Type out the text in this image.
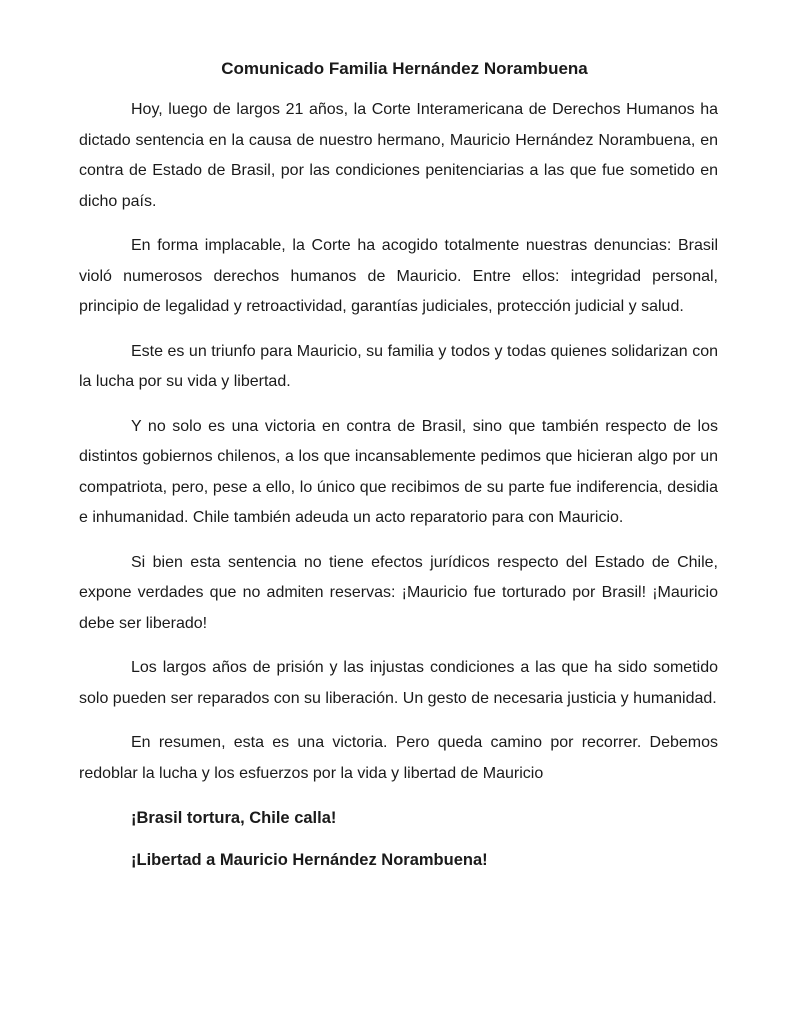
Comunicado Familia Hernández Norambuena

Hoy, luego de largos 21 años, la Corte Interamericana de Derechos Humanos ha dictado sentencia en la causa de nuestro hermano, Mauricio Hernández Norambuena, en contra de Estado de Brasil, por las condiciones penitenciarias a las que fue sometido en dicho país.

En forma implacable, la Corte ha acogido totalmente nuestras denuncias: Brasil violó numerosos derechos humanos de Mauricio. Entre ellos: integridad personal, principio de legalidad y retroactividad, garantías judiciales, protección judicial y salud.

Este es un triunfo para Mauricio, su familia y todos y todas quienes solidarizan con la lucha por su vida y libertad.

Y no solo es una victoria en contra de Brasil, sino que también respecto de los distintos gobiernos chilenos, a los que incansablemente pedimos que hicieran algo por un compatriota, pero, pese a ello, lo único que recibimos de su parte fue indiferencia, desidia e inhumanidad. Chile también adeuda un acto reparatorio para con Mauricio.

Si bien esta sentencia no tiene efectos jurídicos respecto del Estado de Chile, expone verdades que no admiten reservas: ¡Mauricio fue torturado por Brasil! ¡Mauricio debe ser liberado!

Los largos años de prisión y las injustas condiciones a las que ha sido sometido solo pueden ser reparados con su liberación. Un gesto de necesaria justicia y humanidad.

En resumen, esta es una victoria. Pero queda camino por recorrer. Debemos redoblar la lucha y los esfuerzos por la vida y libertad de Mauricio

¡Brasil tortura, Chile calla!

¡Libertad a Mauricio Hernández Norambuena!
